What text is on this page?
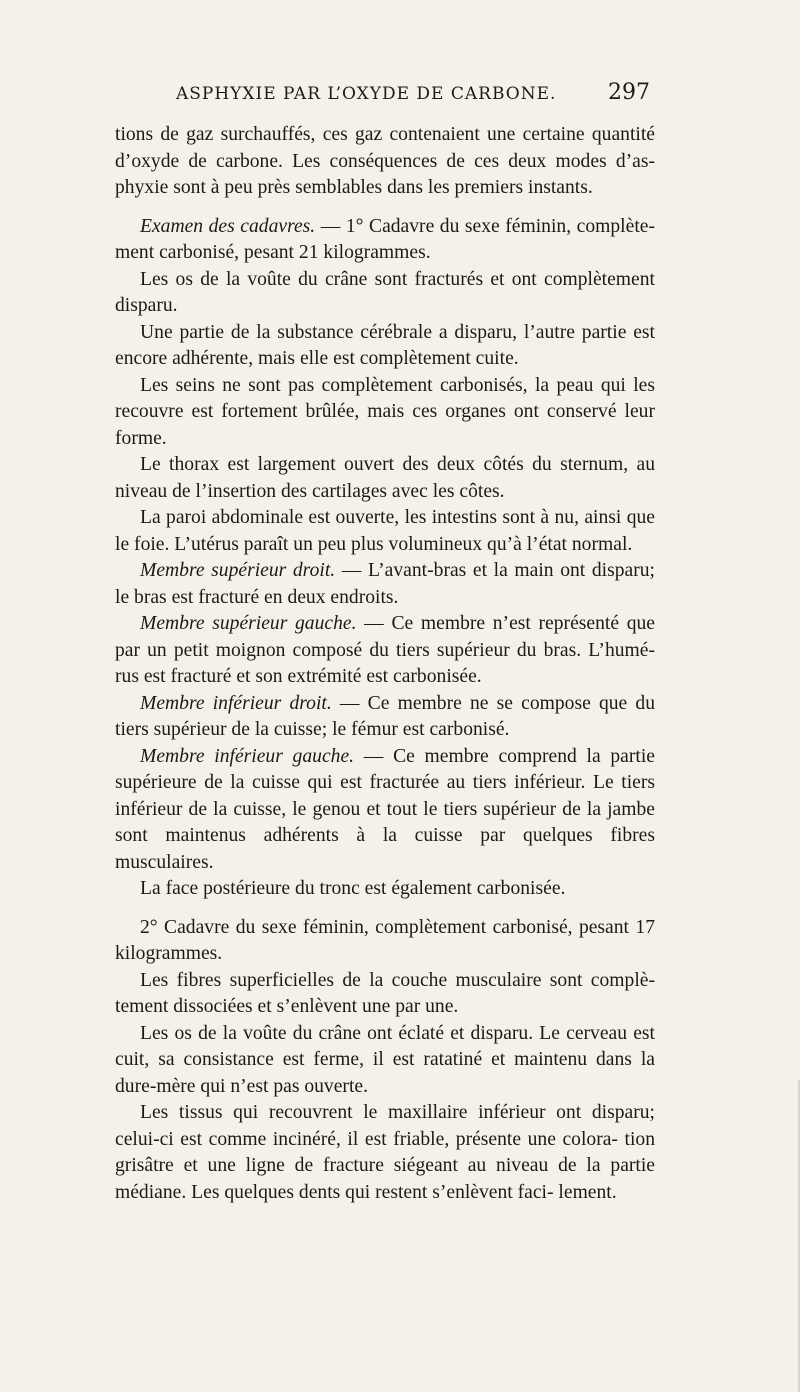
ASPHYXIE PAR L’OXYDE DE CARBONE. 297

tions de gaz surchauffés, ces gaz contenaient une certaine quantité d’oxyde de carbone. Les conséquences de ces deux modes d’as- phyxie sont à peu près semblables dans les premiers instants.

Examen des cadavres. — 1° Cadavre du sexe féminin, complète- ment carbonisé, pesant 21 kilogrammes.

Les os de la voûte du crâne sont fracturés et ont complètement disparu.

Une partie de la substance cérébrale a disparu, l’autre partie est encore adhérente, mais elle est complètement cuite.

Les seins ne sont pas complètement carbonisés, la peau qui les recouvre est fortement brûlée, mais ces organes ont conservé leur forme.

Le thorax est largement ouvert des deux côtés du sternum, au niveau de l’insertion des cartilages avec les côtes.

La paroi abdominale est ouverte, les intestins sont à nu, ainsi que le foie. L’utérus paraît un peu plus volumineux qu’à l’état normal.

Membre supérieur droit. — L’avant-bras et la main ont disparu; le bras est fracturé en deux endroits.

Membre supérieur gauche. — Ce membre n’est représenté que par un petit moignon composé du tiers supérieur du bras. L’humé- rus est fracturé et son extrémité est carbonisée.

Membre inférieur droit. — Ce membre ne se compose que du tiers supérieur de la cuisse; le fémur est carbonisé.

Membre inférieur gauche. — Ce membre comprend la partie supérieure de la cuisse qui est fracturée au tiers inférieur. Le tiers inférieur de la cuisse, le genou et tout le tiers supérieur de la jambe sont maintenus adhérents à la cuisse par quelques fibres musculaires.

La face postérieure du tronc est également carbonisée.

2° Cadavre du sexe féminin, complètement carbonisé, pesant 17 kilogrammes.

Les fibres superficielles de la couche musculaire sont complè- tement dissociées et s’enlèvent une par une.

Les os de la voûte du crâne ont éclaté et disparu. Le cerveau est cuit, sa consistance est ferme, il est ratatiné et maintenu dans la dure-mère qui n’est pas ouverte.

Les tissus qui recouvrent le maxillaire inférieur ont disparu; celui-ci est comme incinéré, il est friable, présente une colora- tion grisâtre et une ligne de fracture siégeant au niveau de la partie médiane. Les quelques dents qui restent s’enlèvent faci- lement.
